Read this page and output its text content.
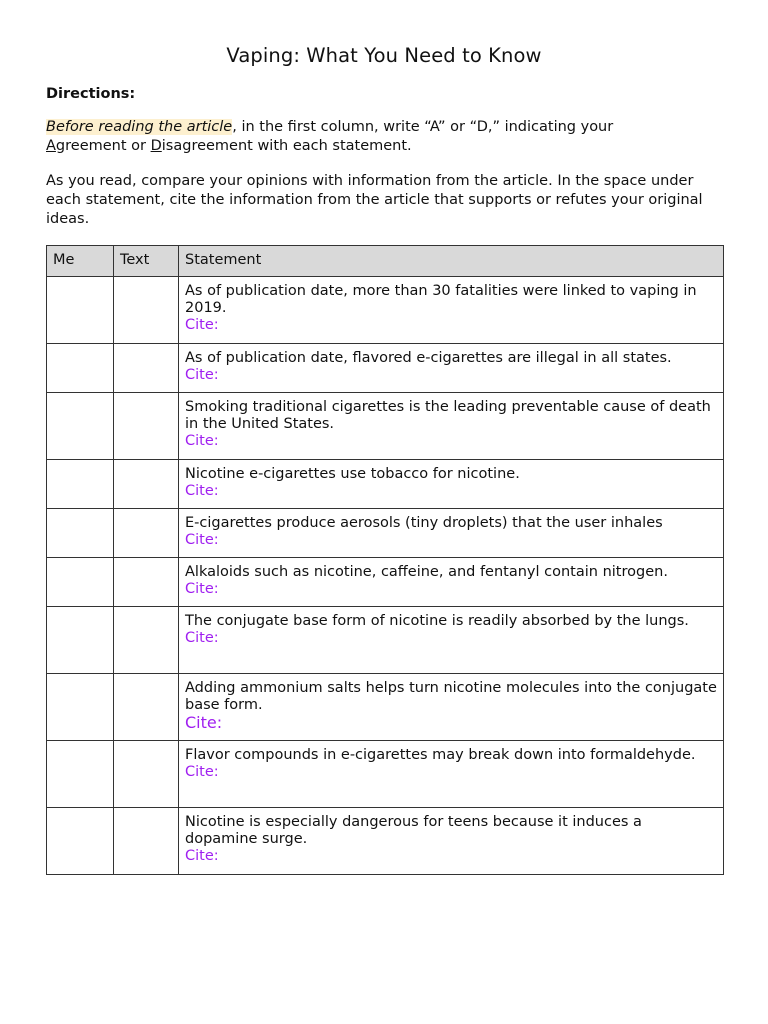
Vaping: What You Need to Know
Directions:
Before reading the article, in the first column, write “A” or “D,” indicating your
Agreement or Disagreement with each statement.
As you read, compare your opinions with information from the article. In the space under each statement, cite the information from the article that supports or refutes your original ideas.
Me	Text	Statement
		As of publication date, more than 30 fatalities were linked to vaping in 2019.
Cite:

		As of publication date, flavored e-cigarettes are illegal in all states.
Cite:

		Smoking traditional cigarettes is the leading preventable cause of death in the United States.
Cite:

		Nicotine e-cigarettes use tobacco for nicotine.
Cite:

		E-cigarettes produce aerosols (tiny droplets) that the user inhales
Cite:

		Alkaloids such as nicotine, caffeine, and fentanyl contain nitrogen.
Cite:

		The conjugate base form of nicotine is readily absorbed by the lungs.
Cite:

		Adding ammonium salts helps turn nicotine molecules into the conjugate base form.
Cite:

		Flavor compounds in e-cigarettes may break down into formaldehyde.
Cite:

		Nicotine is especially dangerous for teens because it induces a dopamine surge.
Cite:
